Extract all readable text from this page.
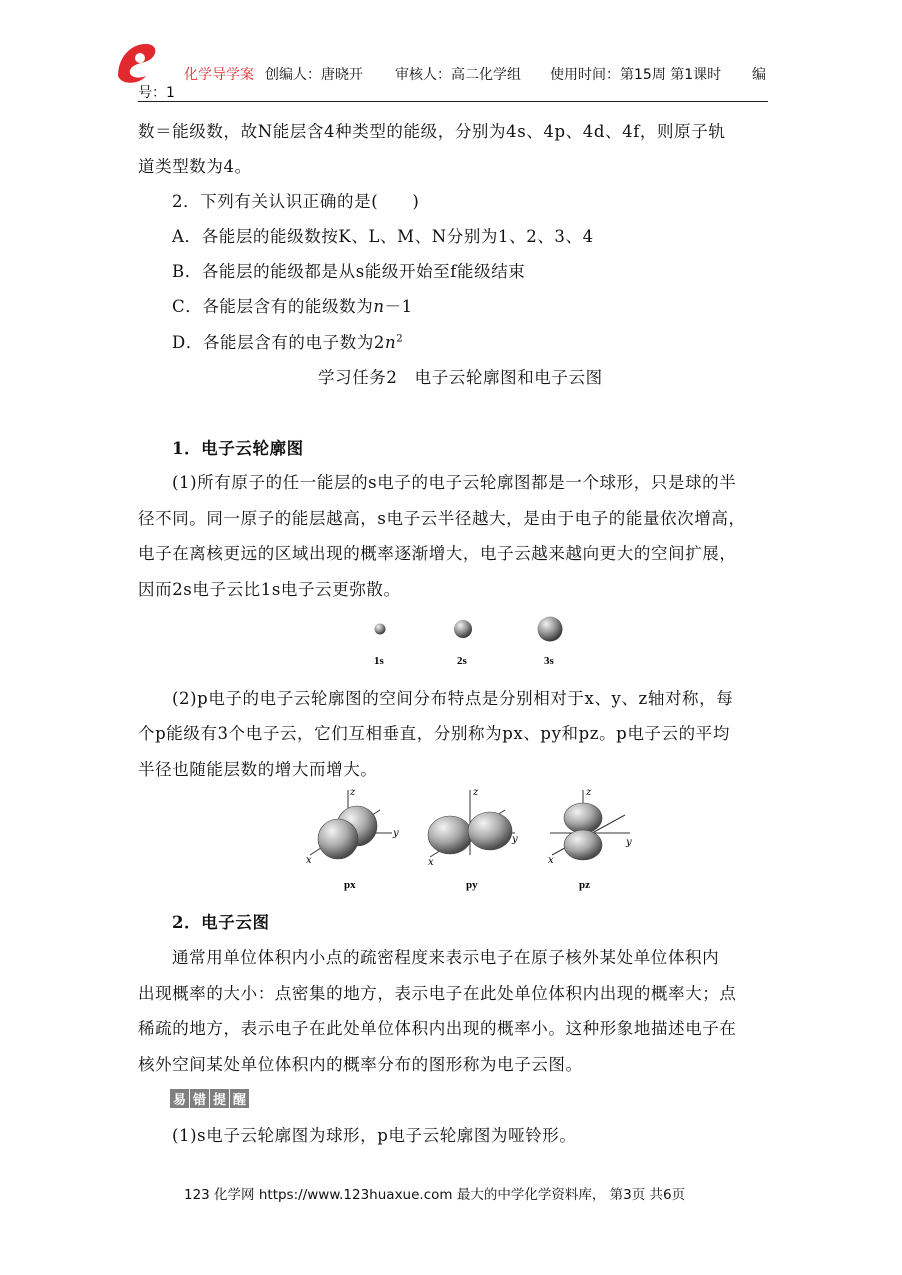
化学导学案 创编人：唐晓开 审核人：高二化学组 使用时间：第15周 第1课时 编
号：1
数＝能级数，故N能层含4种类型的能级，分别为4s、4p、4d、4f，则原子轨
道类型数为4。
2．下列有关认识正确的是(　　)
A．各能层的能级数按K、L、M、N分别为1、2、3、4
B．各能层的能级都是从s能级开始至f能级结束
C．各能层含有的能级数为n－1
D．各能层含有的电子数为$2n^2$
学习任务2　电子云轮廓图和电子云图
1．电子云轮廓图
(1)所有原子的任一能层的s电子的电子云轮廓图都是一个球形，只是球的半
径不同。同一原子的能层越高，s电子云半径越大，是由于电子的能量依次增高，
电子在离核更远的区域出现的概率逐渐增大，电子云越来越向更大的空间扩展，
因而2s电子云比1s电子云更弥散。
1s	2s	3s
(2)p电子的电子云轮廓图的空间分布特点是分别相对于x、y、z轴对称，每
个p能级有3个电子云，它们互相垂直，分别称为px、py和pz。p电子云的平均
半径也随能层数的增大而增大。
z
y
x
px
z
y
x
py
z
y
x
pz
2．电子云图
通常用单位体积内小点的疏密程度来表示电子在原子核外某处单位体积内
出现概率的大小：点密集的地方，表示电子在此处单位体积内出现的概率大；点
稀疏的地方，表示电子在此处单位体积内出现的概率小。这种形象地描述电子在
核外空间某处单位体积内的概率分布的图形称为电子云图。
易 错 提 醒
(1)s电子云轮廓图为球形，p电子云轮廓图为哑铃形。
123 化学网 https://www.123huaxue.com 最大的中学化学资料库， 第3页 共6页
